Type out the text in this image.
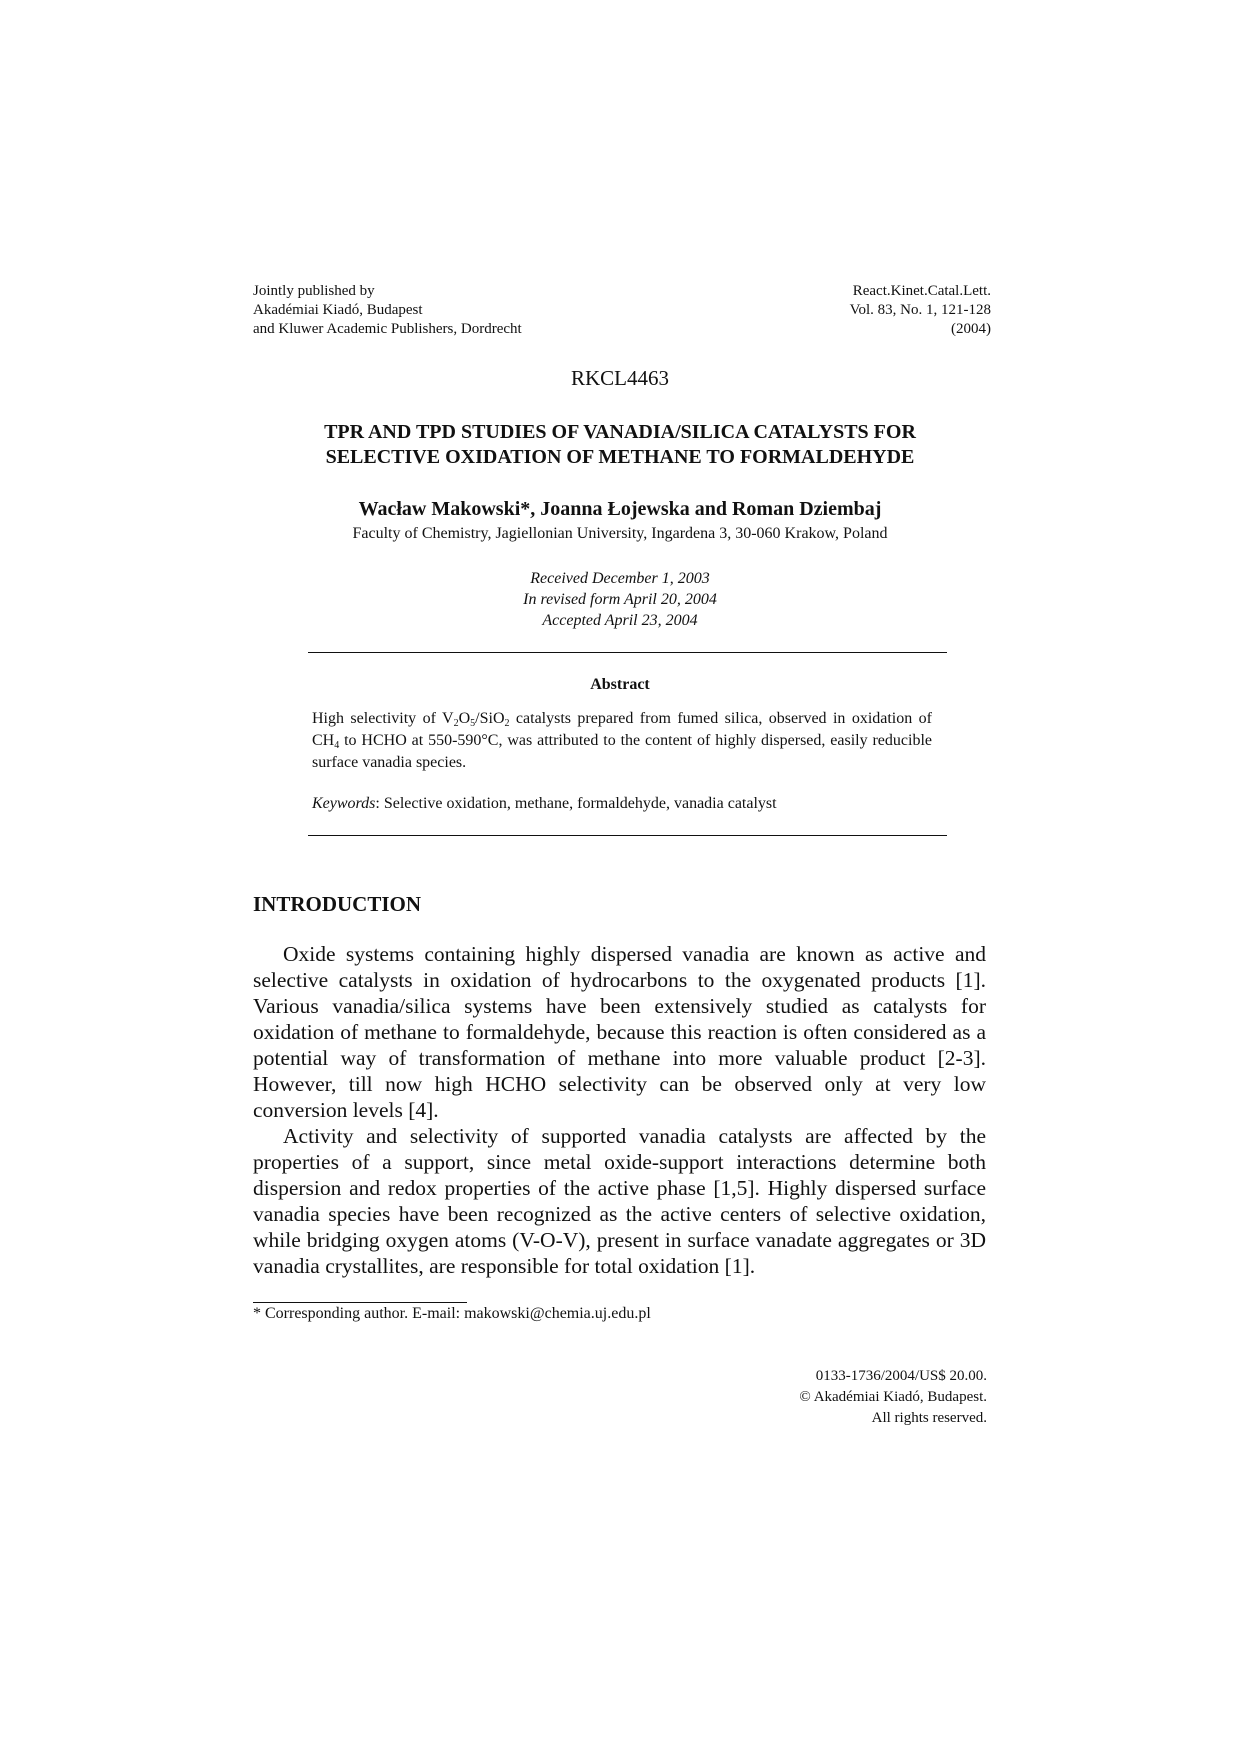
Jointly published by
Akadémiai Kiadó, Budapest
and Kluwer Academic Publishers, Dordrecht
React.Kinet.Catal.Lett.
Vol. 83, No. 1, 121-128
(2004)
RKCL4463
TPR AND TPD STUDIES OF VANADIA/SILICA CATALYSTS FOR
SELECTIVE OXIDATION OF METHANE TO FORMALDEHYDE
Wacław Makowski*, Joanna Łojewska and Roman Dziembaj
Faculty of Chemistry, Jagiellonian University, Ingardena 3, 30-060 Krakow, Poland
Received December 1, 2003
In revised form April 20, 2004
Accepted April 23, 2004
Abstract
High selectivity of $V_2O_5/SiO_2$ catalysts prepared from fumed silica, observed in oxidation of $CH_4$ to HCHO at 550-590°C, was attributed to the content of highly dispersed, easily reducible surface vanadia species.
Keywords: Selective oxidation, methane, formaldehyde, vanadia catalyst
INTRODUCTION

Oxide systems containing highly dispersed vanadia are known as active and selective catalysts in oxidation of hydrocarbons to the oxygenated products [1]. Various vanadia/silica systems have been extensively studied as catalysts for oxidation of methane to formaldehyde, because this reaction is often considered as a potential way of transformation of methane into more valuable product [2-3]. However, till now high HCHO selectivity can be observed only at very low conversion levels [4].

Activity and selectivity of supported vanadia catalysts are affected by the properties of a support, since metal oxide-support interactions determine both dispersion and redox properties of the active phase [1,5]. Highly dispersed surface vanadia species have been recognized as the active centers of selective oxidation, while bridging oxygen atoms (V-O-V), present in surface vanadate aggregates or 3D vanadia crystallites, are responsible for total oxidation [1].

* Corresponding author. E-mail: makowski@chemia.uj.edu.pl
0133-1736/2004/US$ 20.00.
© Akadémiai Kiadó, Budapest.
All rights reserved.
